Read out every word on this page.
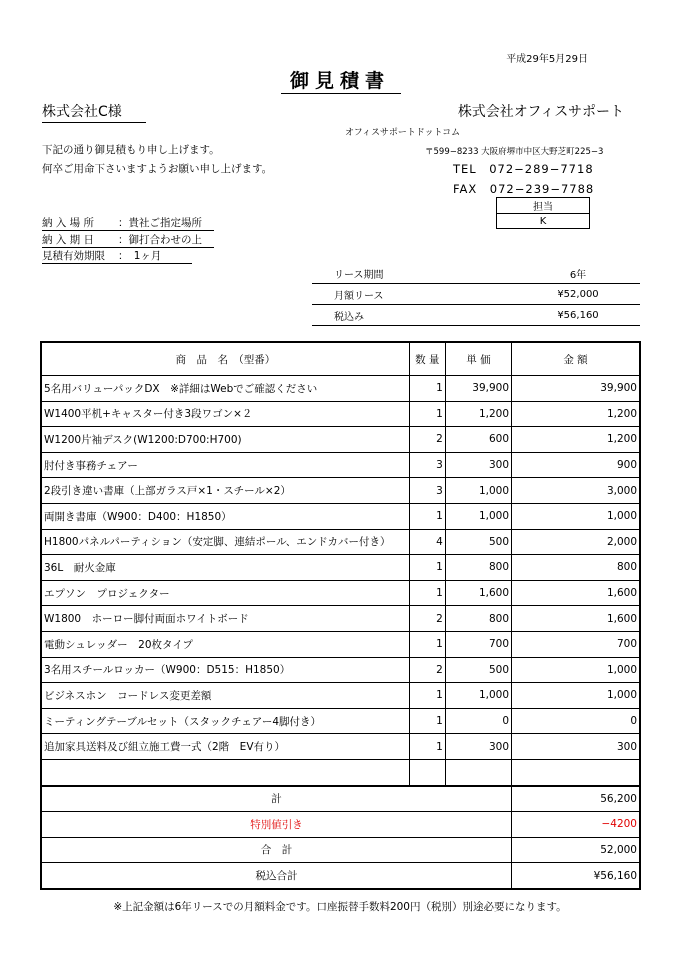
平成29年5月29日
御見積書
株式会社C様	株式会社オフィスサポート
オフィスサポートドットコム
〒599−8233 大阪府堺市中区大野芝町225−3
TEL　072−289−7718
FAX　072−239−7788
下記の通り御見積もり申し上げます。
何卒ご用命下さいますようお願い申し上げます。
担当
K
納 入 場 所 ：貴社ご指定場所
納 入 期 日 ：御打合わせの上
見積有効期限 ：　1ヶ月
リース期間	6年
月額リース	¥52,000
税込み	¥56,160
商　品　名　（型番）	数 量	単 価	金 額
5名用バリューパックDX　※詳細はWebでご確認ください	1	39,900	39,900
W1400平机+キャスター付き3段ワゴン×２	1	1,200	1,200
W1200片袖デスク(W1200:D700:H700)	2	600	1,200
肘付き事務チェアー	3	300	900
2段引き違い書庫（上部ガラス戸×1・スチール×2）	3	1,000	3,000
両開き書庫（W900：D400：H1850）	1	1,000	1,000
H1800パネルパーティション（安定脚、連結ポール、エンドカバー付き）	4	500	2,000
36L　耐火金庫	1	800	800
エプソン　プロジェクター	1	1,600	1,600
W1800　ホーロー脚付両面ホワイトボード	2	800	1,600
電動シュレッダー　20枚タイプ	1	700	700
3名用スチールロッカー（W900：D515：H1850）	2	500	1,000
ビジネスホン　コードレス変更差額	1	1,000	1,000
ミーティングテーブルセット（スタックチェアー4脚付き）	1	0	0
追加家具送料及び組立施工費一式（2階　EV有り）	1	300	300

計			56,200
特別値引き			−4200
合　計			52,000
税込合計			¥56,160
※上記金額は6年リースでの月額料金です。口座振替手数料200円（税別）別途必要になります。
